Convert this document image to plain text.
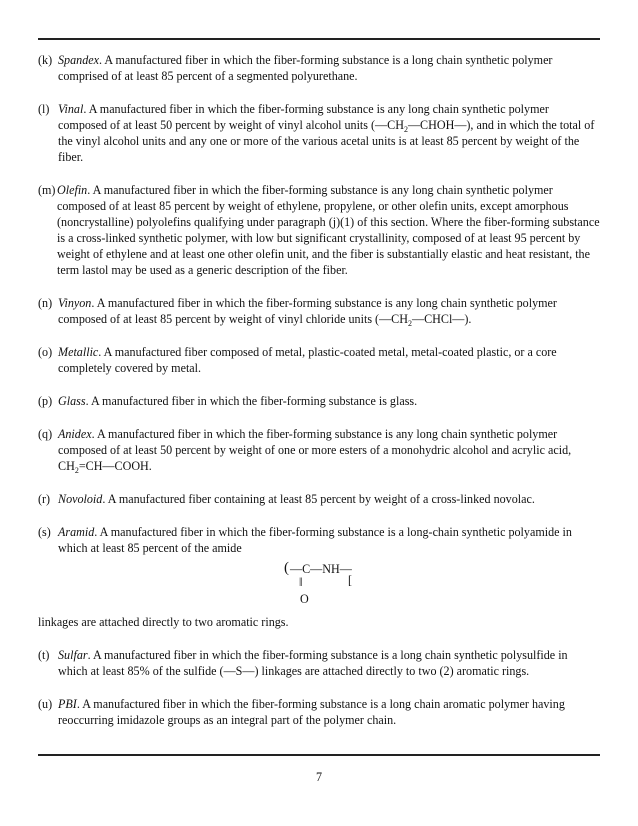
(k) Spandex. A manufactured fiber in which the fiber-forming substance is a long chain synthetic polymer comprised of at least 85 percent of a segmented polyurethane.
(l) Vinal. A manufactured fiber in which the fiber-forming substance is any long chain synthetic polymer composed of at least 50 percent by weight of vinyl alcohol units $(—CH_2—CHOH—)$, and in which the total of the vinyl alcohol units and any one or more of the various acetal units is at least 85 percent by weight of the fiber.
(m) Olefin. A manufactured fiber in which the fiber-forming substance is any long chain synthetic polymer composed of at least 85 percent by weight of ethylene, propylene, or other olefin units, except amorphous (noncrystalline) polyolefins qualifying under paragraph (j)(1) of this section. Where the fiber-forming substance is a cross-linked synthetic polymer, with low but significant crystallinity, composed of at least 95 percent by weight of ethylene and at least one other olefin unit, and the fiber is substantially elastic and heat resistant, the term lastol may be used as a generic description of the fiber.
(n) Vinyon. A manufactured fiber in which the fiber-forming substance is any long chain synthetic polymer composed of at least 85 percent by weight of vinyl chloride units $(—CH_2—CHCl—)$.
(o) Metallic. A manufactured fiber composed of metal, plastic-coated metal, metal-coated plastic, or a core completely covered by metal.
(p) Glass. A manufactured fiber in which the fiber-forming substance is glass.
(q) Anidex. A manufactured fiber in which the fiber-forming substance is any long chain synthetic polymer composed of at least 50 percent by weight of one or more esters of a monohydric alcohol and acrylic acid, $CH_2=CH—COOH$.
(r) Novoloid. A manufactured fiber containing at least 85 percent by weight of a cross-linked novolac.
(s) Aramid. A manufactured fiber in which the fiber-forming substance is a long-chain synthetic polyamide in which at least 85 percent of the amide
( —C—NH—
‖	[
O
linkages are attached directly to two aromatic rings.
(t) Sulfar. A manufactured fiber in which the fiber-forming substance is a long chain synthetic polysulfide in which at least 85% of the sulfide (—S—) linkages are attached directly to two (2) aromatic rings.
(u) PBI. A manufactured fiber in which the fiber-forming substance is a long chain aromatic polymer having reoccurring imidazole groups as an integral part of the polymer chain.
7
